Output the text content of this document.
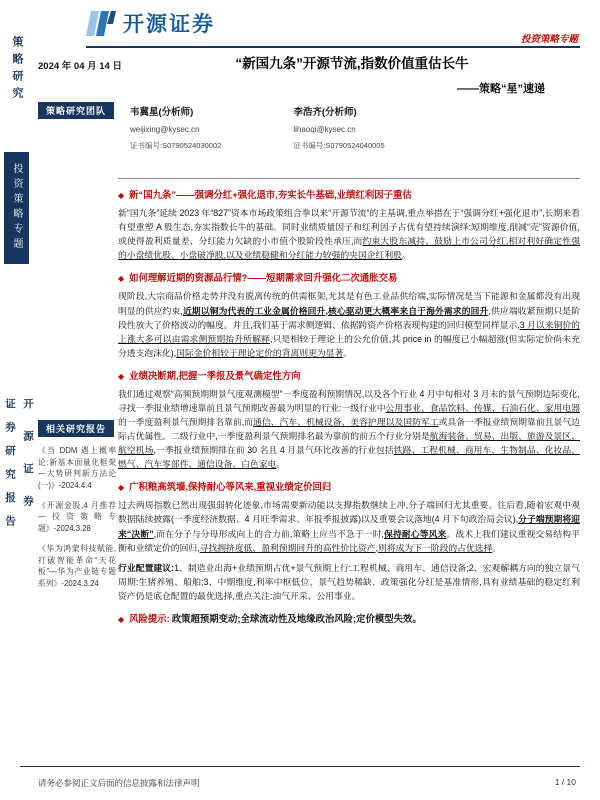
策略研究
投资策略专题
开源证券
证券研究报告
开源证券
投资策略专题
2024 年 04 月 14 日	“新国九条”开源节流,指数价值重估长牛
——策略“星”速递
策略研究团队	韦冀星(分析师)
weijixing@kysec.cn
证书编号:S0790524030002
李浩齐(分析师)
lihaoqi@kysec.cn
证书编号:S0790524040005
相关研究报告
《当 DDM 遇上概率论:新基本面量化框架—大势研判新方法论(一)》-2024.4.4
《开源金股,4 月推荐—投资策略专题》-2024.3.28
《华为鸿蒙科技赋能,打破智能革命“天花板”—华为产业链专题系列》-2024.3.24
◆ 新“国九条”——强调分红+强化退市,夯实长牛基础,业绩红利因子重估

新“国九条”延续 2023 年“827”资本市场政策组合拳以来“开源节流”的主基调,重点举措在于“强调分红+强化退市”,长期来看有望重塑 A 股生态,夯实指数长牛的基础。同时业绩质量因子和红利因子占优有望持续演绎:短期维度,削减“壳”资源价值,或使得盈利质量差、分红能力欠缺的小市值个股阶段性承压,而约束大股东减持、鼓励上市公司分红,相对利好确定性强的小盘绩优股、小盘破净股,以及业绩稳健和分红能力较强的央国企红利股。

◆ 如何理解近期的资源品行情?——短期需求回升强化二次通胀交易

现阶段,大宗商品价格走势并没有脱离传统的供需框架,尤其是有色工业品供给端,实际情况是当下能源和金属都没有出现明显的供应约束,近期以铜为代表的工业金属价格回升,核心驱动更大概率来自于海外需求的回升,供应端收紧预期只是阶段性放大了价格波动的幅度。并且,我们基于需求侧逻辑、依据跨资产价格表现构建的回归模型同样显示,3 月以来铜价的上涨大多可以由需求侧预期抬升所解释,只是相较于理论上的公允价值,其 price in 的幅度已小幅超涨(但实际定价尚未充分透支泡沫化),国际金价相较于理论定价的背离则更为显著。

◆ 业绩决断期,把握一季报及景气确定性方向

我们通过观察“高频预期期景气度观测模型”一季度盈利预期情况,以及各个行业 4 月中旬相对 3 月末的景气预期边际变化,寻找一季报业绩增速靠前且景气预期改善最为明显的行业:一级行业中公用事业、食品饮料、传媒、石油石化、家用电器的一季度盈利景气预期排名靠前,而通信、汽车、机械设备、美容护理以及国防军工或具备一季报业绩预期靠前且景气边际占优属性。二级行业中,一季度盈利景气预期排名最为靠前的前五个行业分别是航海装备、贸易、出版、旅游及景区、航空机场,一季报业绩预期排在前 30 名且 4 月景气环比改善的行业包括铁路、工程机械、商用车、生物制品、化妆品、燃气、汽车零部件、通信设备、白色家电。

◆ 广积粮高筑墙,保持耐心等风来,重视业绩定价回归

过去两周指数已然出现强弱转化迹象,市场需要新动能以支撑指数继续上冲,分子端回归尤其重要。往后看,随着宏观中观数据陆续披露(一季度经济数据、4 月旺季需求、年报季报披露)以及重要会议落地(4 月下旬政治局会议),分子端预期将迎来“决断”,而在分子与分母形成向上的合力前,策略上应当不急于一时,保持耐心等风来。战术上我们建议重视交易结构平衡和业绩定价的回归,寻找拥挤度低、盈利预期回升的高性价比资产,则将成为下一阶段的占优选择。

行业配置建议:1、制造业出海+业绩预期占优+景气预期上行:工程机械、商用车、通信设备;2、宏观解耦方向的独立景气周期:生猪养殖、船舶;3、中期维度,利率中枢低位、景气趋势稀缺、政策强化分红是基准情形,具有业绩基础的稳定红利资产仍是底仓配置的最优选择,重点关注:油气开采、公用事业。

◆ 风险提示: 政策超预期变动;全球流动性及地缘政治风险;定价模型失效。
请务必参阅正文后面的信息披露和法律声明	1 / 10
